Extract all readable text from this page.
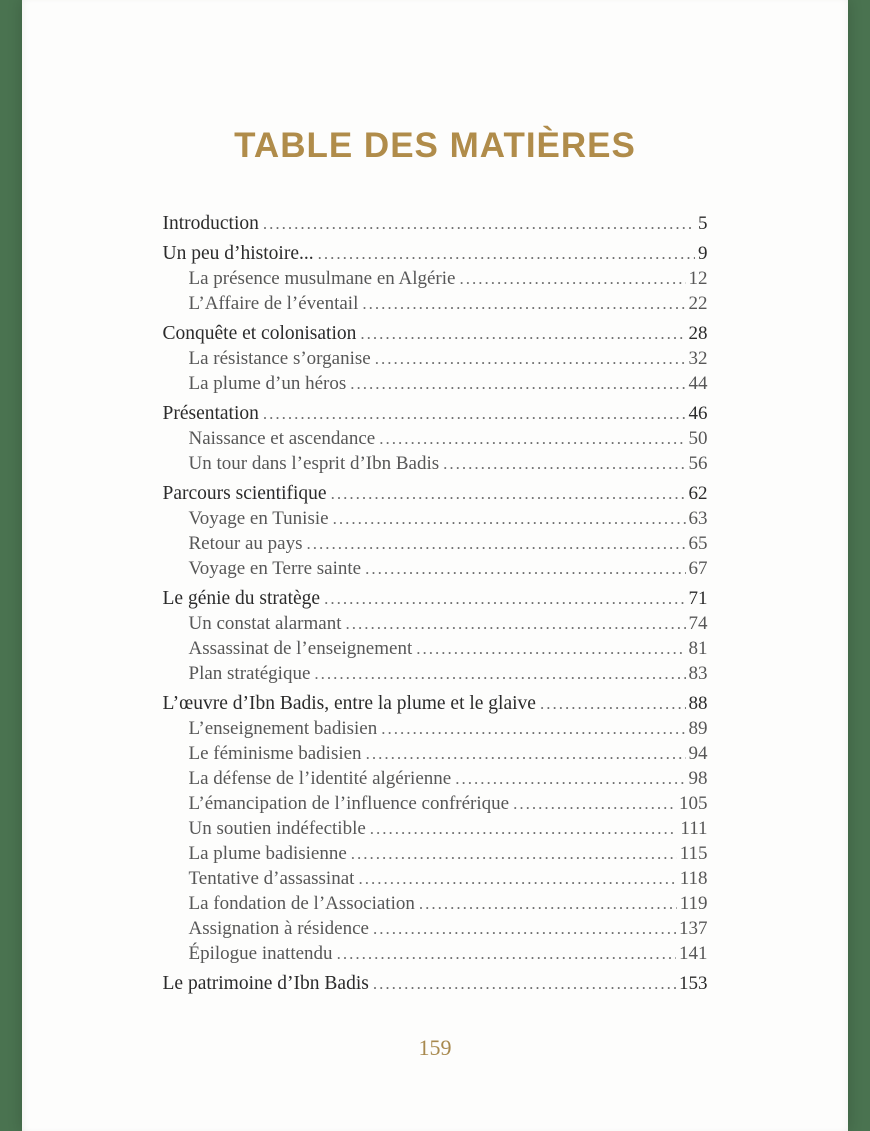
TABLE DES MATIÈRES
Introduction .....	5
Un peu d’histoire... .....	9
La présence musulmane en Algérie .....	12
L’Affaire de l’éventail .....	22
Conquête et colonisation .....	28
La résistance s’organise .....	32
La plume d’un héros .....	44
Présentation .....	46
Naissance et ascendance .....	50
Un tour dans l’esprit d’Ibn Badis .....	56
Parcours scientifique .....	62
Voyage en Tunisie .....	63
Retour au pays .....	65
Voyage en Terre sainte .....	67
Le génie du stratège .....	71
Un constat alarmant .....	74
Assassinat de l’enseignement .....	81
Plan stratégique .....	83
L’œuvre d’Ibn Badis, entre la plume et le glaive .....	88
L’enseignement badisien .....	89
Le féminisme badisien .....	94
La défense de l’identité algérienne .....	98
L’émancipation de l’influence confrérique .....	105
Un soutien indéfectible .....	111
La plume badisienne .....	115
Tentative d’assassinat .....	118
La fondation de l’Association .....	119
Assignation à résidence .....	137
Épilogue inattendu .....	141
Le patrimoine d’Ibn Badis .....	153
159
